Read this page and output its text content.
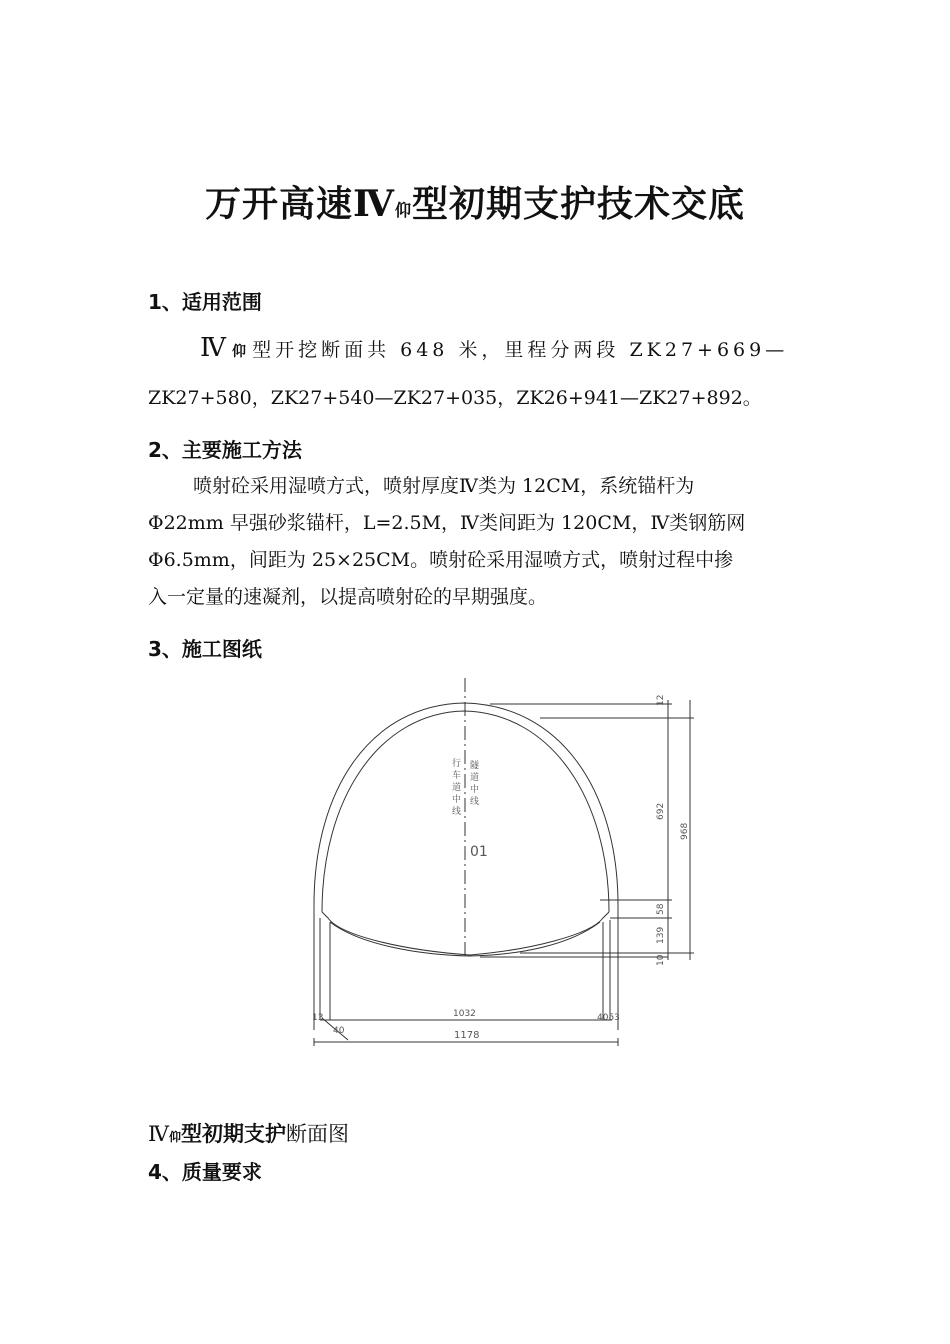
万开高速Ⅳ仰型初期支护技术交底
1、适用范围
Ⅳ 仰 型开挖断面共 648 米，里程分两段 ZK27+669—
ZK27+580，ZK27+540—ZK27+035，ZK26+941—ZK27+892。
2、主要施工方法
喷射砼采用湿喷方式，喷射厚度Ⅳ类为 12CM，系统锚杆为
Φ22mm 早强砂浆锚杆，L=2.5M，Ⅳ类间距为 120CM，Ⅳ类钢筋网
Φ6.5mm，间距为 25×25CM。喷射砼采用湿喷方式，喷射过程中掺
入一定量的速凝剂，以提高喷射砼的早期强度。
3、施工图纸
行
车
道
中
线
隧
道
中
线
01
12
692
968
58
139
10
1032
1178
13
40
4053
Ⅳ仰型初期支护断面图
4、质量要求
